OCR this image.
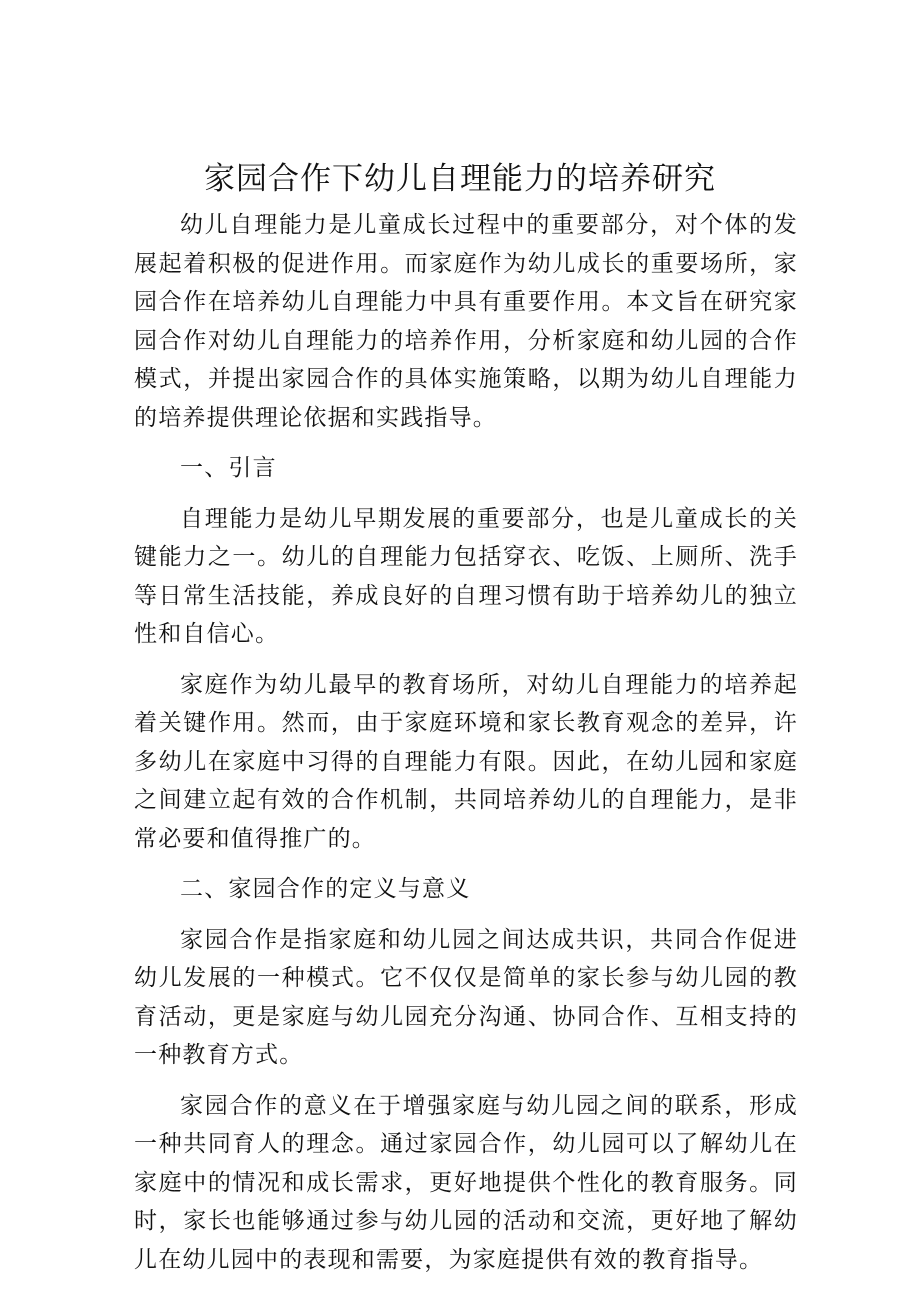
家园合作下幼儿自理能力的培养研究

幼儿自理能力是儿童成长过程中的重要部分，对个体的发展起着积极的促进作用。而家庭作为幼儿成长的重要场所，家园合作在培养幼儿自理能力中具有重要作用。本文旨在研究家园合作对幼儿自理能力的培养作用，分析家庭和幼儿园的合作模式，并提出家园合作的具体实施策略，以期为幼儿自理能力的培养提供理论依据和实践指导。

一、引言

自理能力是幼儿早期发展的重要部分，也是儿童成长的关键能力之一。幼儿的自理能力包括穿衣、吃饭、上厕所、洗手等日常生活技能，养成良好的自理习惯有助于培养幼儿的独立性和自信心。

家庭作为幼儿最早的教育场所，对幼儿自理能力的培养起着关键作用。然而，由于家庭环境和家长教育观念的差异，许多幼儿在家庭中习得的自理能力有限。因此，在幼儿园和家庭之间建立起有效的合作机制，共同培养幼儿的自理能力，是非常必要和值得推广的。

二、家园合作的定义与意义

家园合作是指家庭和幼儿园之间达成共识，共同合作促进幼儿发展的一种模式。它不仅仅是简单的家长参与幼儿园的教育活动，更是家庭与幼儿园充分沟通、协同合作、互相支持的一种教育方式。

家园合作的意义在于增强家庭与幼儿园之间的联系，形成一种共同育人的理念。通过家园合作，幼儿园可以了解幼儿在家庭中的情况和成长需求，更好地提供个性化的教育服务。同时，家长也能够通过参与幼儿园的活动和交流，更好地了解幼儿在幼儿园中的表现和需要，为家庭提供有效的教育指导。
